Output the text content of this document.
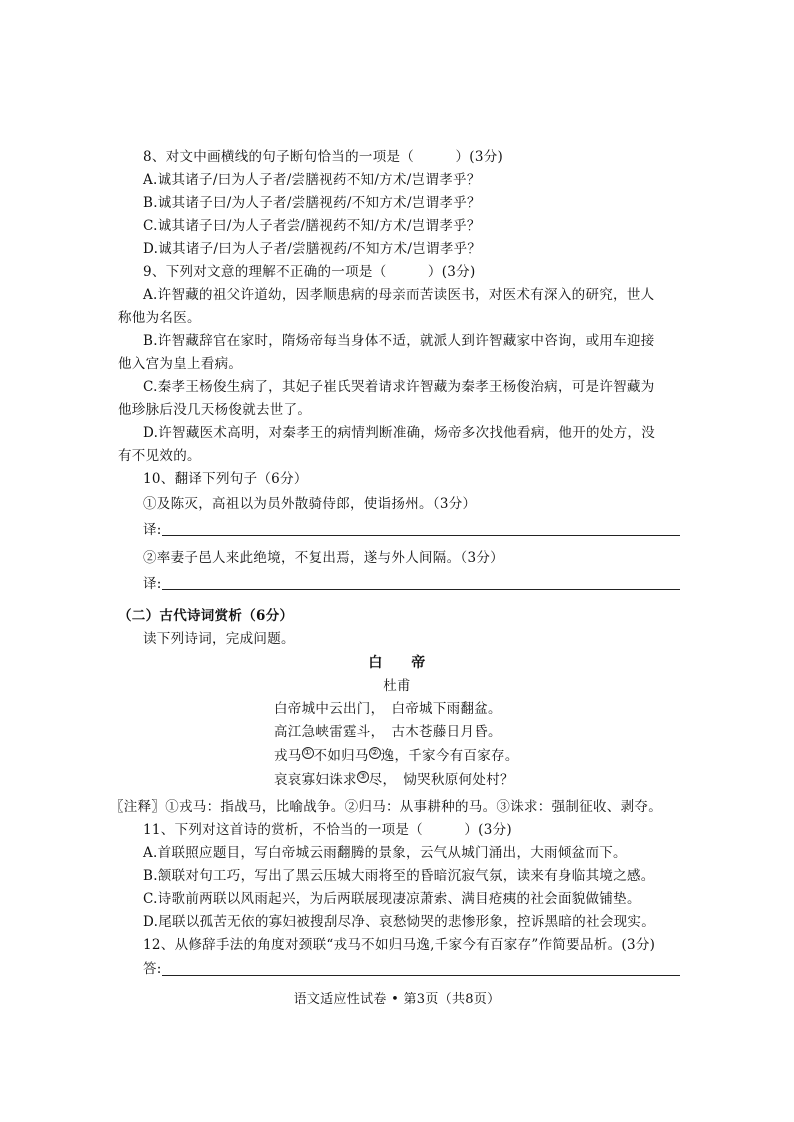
8、对文中画横线的句子断句恰当的一项是（　　　）(3分)
A.诚其诸子/曰为人子者/尝膳视药不知/方术/岂谓孝乎？
B.诚其诸子曰/为人子者/尝膳视药/不知方术/岂谓孝乎？
C.诚其诸子曰/为人子者尝/膳视药不知/方术/岂谓孝乎？
D.诚其诸子/曰为人子者/尝膳视药/不知方术/岂谓孝乎？
9、下列对文意的理解不正确的一项是（　　　）(3分)
A.许智藏的祖父许道幼，因孝顺患病的母亲而苦读医书，对医术有深入的研究，世人
称他为名医。
B.许智藏辞官在家时，隋炀帝每当身体不适，就派人到许智藏家中咨询，或用车迎接
他入宫为皇上看病。
C.秦孝王杨俊生病了，其妃子崔氏哭着请求许智藏为秦孝王杨俊治病，可是许智藏为
他珍脉后没几天杨俊就去世了。
D.许智藏医术高明，对秦孝王的病情判断准确，炀帝多次找他看病，他开的处方，没
有不见效的。
10、翻译下列句子（6分）
①及陈灭，高祖以为员外散骑侍郎，使诣扬州。（3分）
译:
②率妻子邑人来此绝境，不复出焉，遂与外人间隔。（3分）
译:
（二）古代诗词赏析（6分）
读下列诗词，完成问题。
白　　帝
杜甫
白帝城中云出门，　白帝城下雨翻盆。
高江急峡雷霆斗，　古木苍藤日月昏。
戎马 ① 不如归马 ② 逸，千家今有百家存。
哀哀寡妇诛求 ③ 尽，　恸哭秋原何处村？
〖注释〗①戎马：指战马，比喻战争。②归马：从事耕种的马。③诛求：强制征收、剥夺。
11、下列对这首诗的赏析，不恰当的一项是（　　　）(3分)
A.首联照应题目，写白帝城云雨翻腾的景象，云气从城门涌出，大雨倾盆而下。
B.颔联对句工巧，写出了黑云压城大雨将至的昏暗沉寂气氛，读来有身临其境之感。
C.诗歌前两联以风雨起兴，为后两联展现凄凉萧索、满目疮痍的社会面貌做铺垫。
D.尾联以孤苦无依的寡妇被搜刮尽净、哀愁恸哭的悲惨形象，控诉黑暗的社会现实。
12、从修辞手法的角度对颈联“戎马不如归马逸,千家今有百家存”作简要品析。(3分)
答:
语文适应性试卷 • 第3页（共8页）
